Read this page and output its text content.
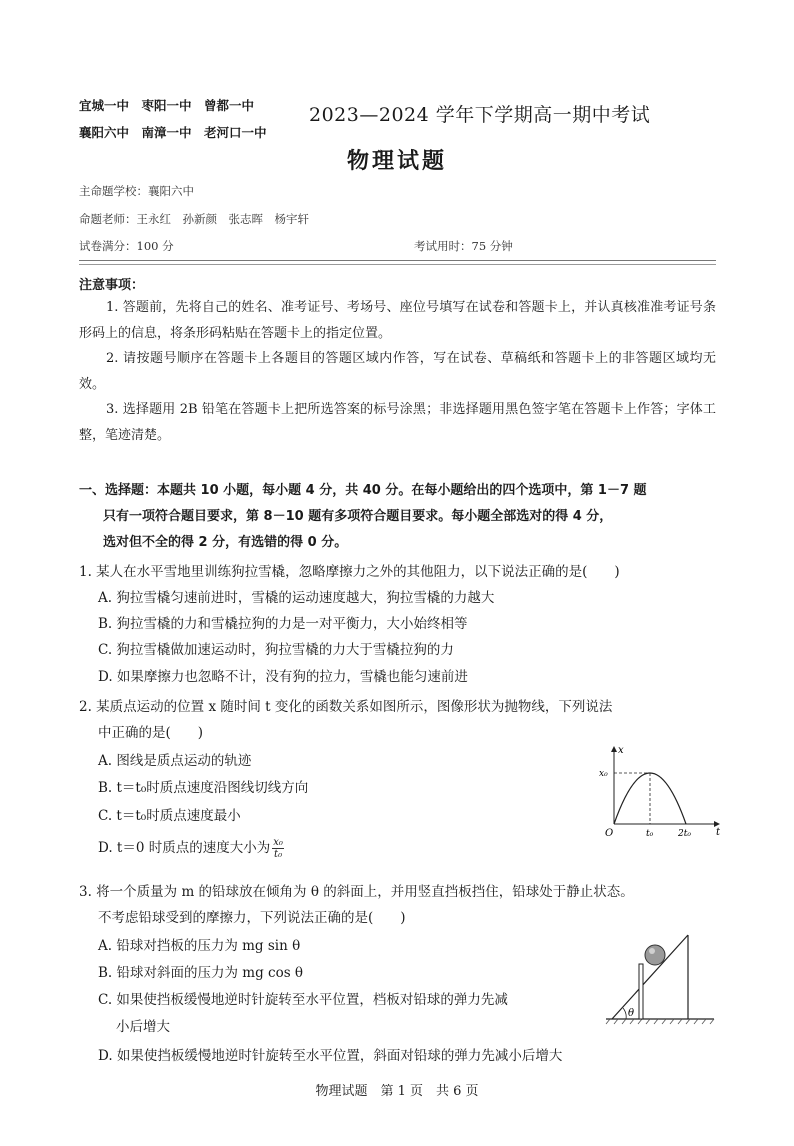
宜城一中　枣阳一中　曾都一中
襄阳六中　南漳一中　老河口一中
2023—2024 学年下学期高一期中考试
物理试题
主命题学校：襄阳六中
命题老师：王永红　孙新颜　张志晖　杨宇轩
试卷满分：100 分	考试用时：75 分钟
注意事项：
1. 答题前，先将自己的姓名、准考证号、考场号、座位号填写在试卷和答题卡上，并认真核准准考证号条形码上的信息，将条形码粘贴在答题卡上的指定位置。
2. 请按题号顺序在答题卡上各题目的答题区域内作答，写在试卷、草稿纸和答题卡上的非答题区域均无效。
3. 选择题用 2B 铅笔在答题卡上把所选答案的标号涂黑；非选择题用黑色签字笔在答题卡上作答；字体工整，笔迹清楚。
一、选择题：本题共 10 小题，每小题 4 分，共 40 分。在每小题给出的四个选项中，第 1－7 题
只有一项符合题目要求，第 8－10 题有多项符合题目要求。每小题全部选对的得 4 分，
选对但不全的得 2 分，有选错的得 0 分。
1. 某人在水平雪地里训练狗拉雪橇，忽略摩擦力之外的其他阻力，以下说法正确的是(　　)
A. 狗拉雪橇匀速前进时，雪橇的运动速度越大，狗拉雪橇的力越大
B. 狗拉雪橇的力和雪橇拉狗的力是一对平衡力，大小始终相等
C. 狗拉雪橇做加速运动时，狗拉雪橇的力大于雪橇拉狗的力
D. 如果摩擦力也忽略不计，没有狗的拉力，雪橇也能匀速前进
2. 某质点运动的位置 x 随时间 t 变化的函数关系如图所示，图像形状为抛物线，下列说法
中正确的是(　　)
A. 图线是质点运动的轨迹
B. t＝t₀时质点速度沿图线切线方向
C. t＝t₀时质点速度最小
D. t＝0 时质点的速度大小为 $\frac{\text{x₀}}{\text{t₀}}$
x
t
O
x₀
t₀	2t₀
3. 将一个质量为 m 的铅球放在倾角为 θ 的斜面上，并用竖直挡板挡住，铅球处于静止状态。
不考虑铅球受到的摩擦力，下列说法正确的是(　　)
A. 铅球对挡板的压力为 mg sin θ
B. 铅球对斜面的压力为 mg cos θ
C. 如果使挡板缓慢地逆时针旋转至水平位置，档板对铅球的弹力先减
小后增大
D. 如果使挡板缓慢地逆时针旋转至水平位置，斜面对铅球的弹力先减小后增大
θ
物理试题　第 1 页　共 6 页
